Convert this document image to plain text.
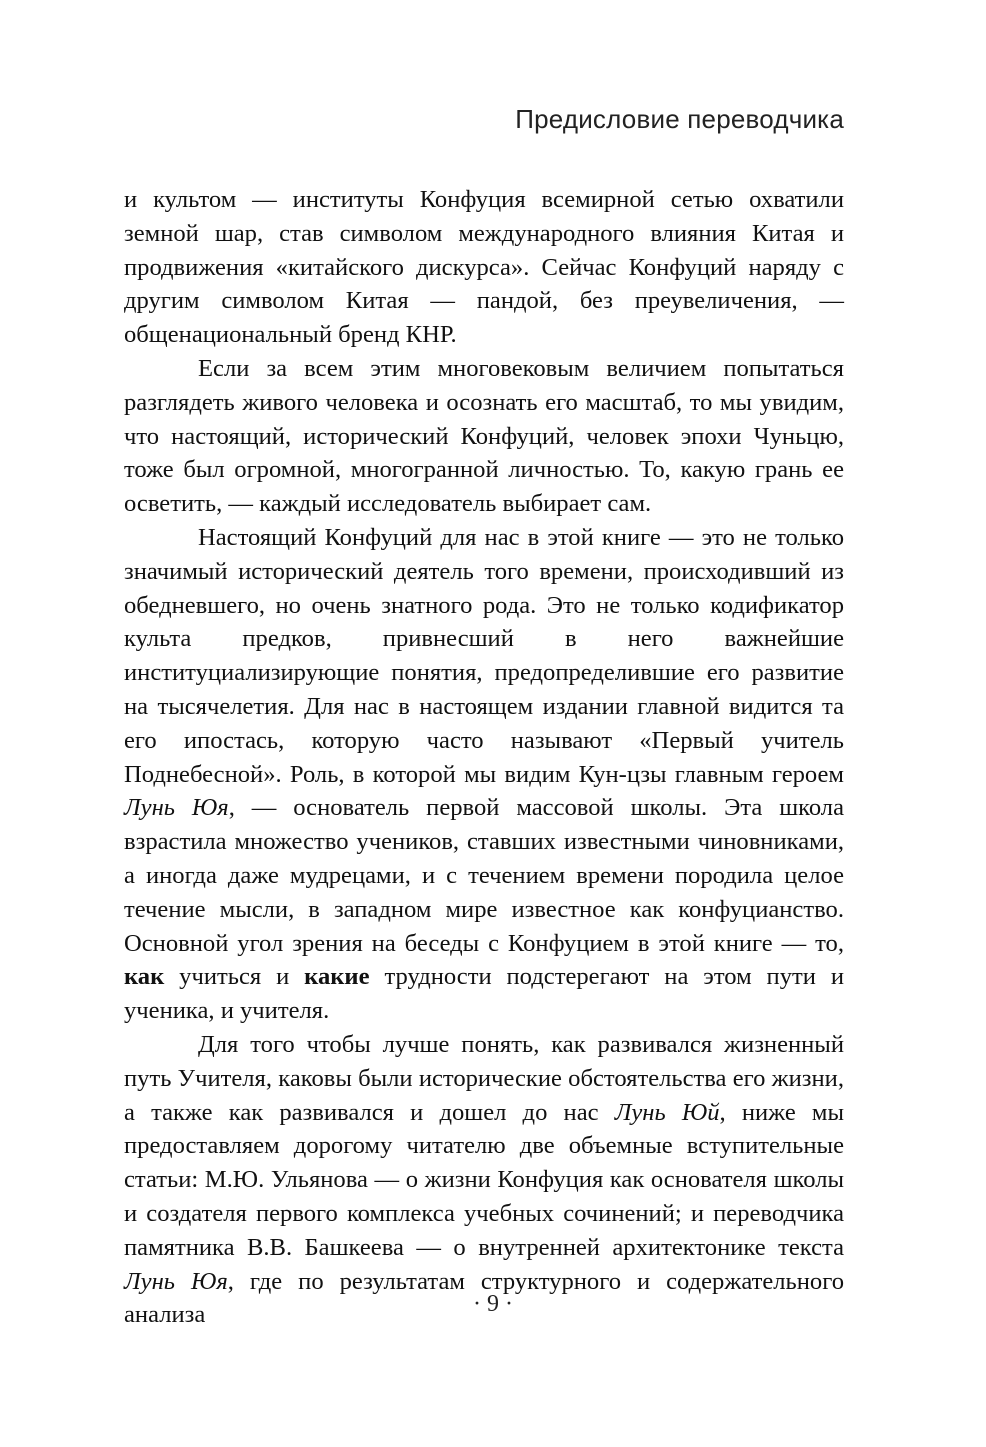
Предисловие переводчика

и культом — институты Конфуция всемирной сетью охватили земной шар, став символом международного влияния Китая и продвижения «китайского дискурса». Сейчас Конфуций наряду с другим символом Китая — пандой, без преувеличения, — общенациональный бренд КНР.

Если за всем этим многовековым величием попытаться разглядеть живого человека и осознать его масштаб, то мы увидим, что настоящий, исторический Конфуций, человек эпохи Чуньцю, тоже был огромной, многогранной личностью. То, какую грань ее осветить, — каждый исследователь выбирает сам.

Настоящий Конфуций для нас в этой книге — это не только значимый исторический деятель того времени, происходивший из обедневшего, но очень знатного рода. Это не только кодификатор культа предков, привнесший в него важнейшие институциализирующие понятия, предопределившие его развитие на тысячелетия. Для нас в настоящем издании главной видится та его ипостась, которую часто называют «Первый учитель Поднебесной». Роль, в которой мы видим Кун-цзы главным героем Лунь Юя, — основатель первой массовой школы. Эта школа взрастила множество учеников, ставших известными чиновниками, а иногда даже мудрецами, и с течением времени породила целое течение мысли, в западном мире известное как конфуцианство. Основной угол зрения на беседы с Конфуцием в этой книге — то, как учиться и какие трудности подстерегают на этом пути и ученика, и учителя.

Для того чтобы лучше понять, как развивался жизненный путь Учителя, каковы были исторические обстоятельства его жизни, а также как развивался и дошел до нас Лунь Юй, ниже мы предоставляем дорогому читателю две объемные вступительные статьи: М.Ю. Ульянова — о жизни Конфуция как основателя школы и создателя первого комплекса учебных сочинений; и переводчика памятника В.В. Башкеева — о внутренней архитектонике текста Лунь Юя, где по результатам структурного и содержательного анализа	· 9 ·
